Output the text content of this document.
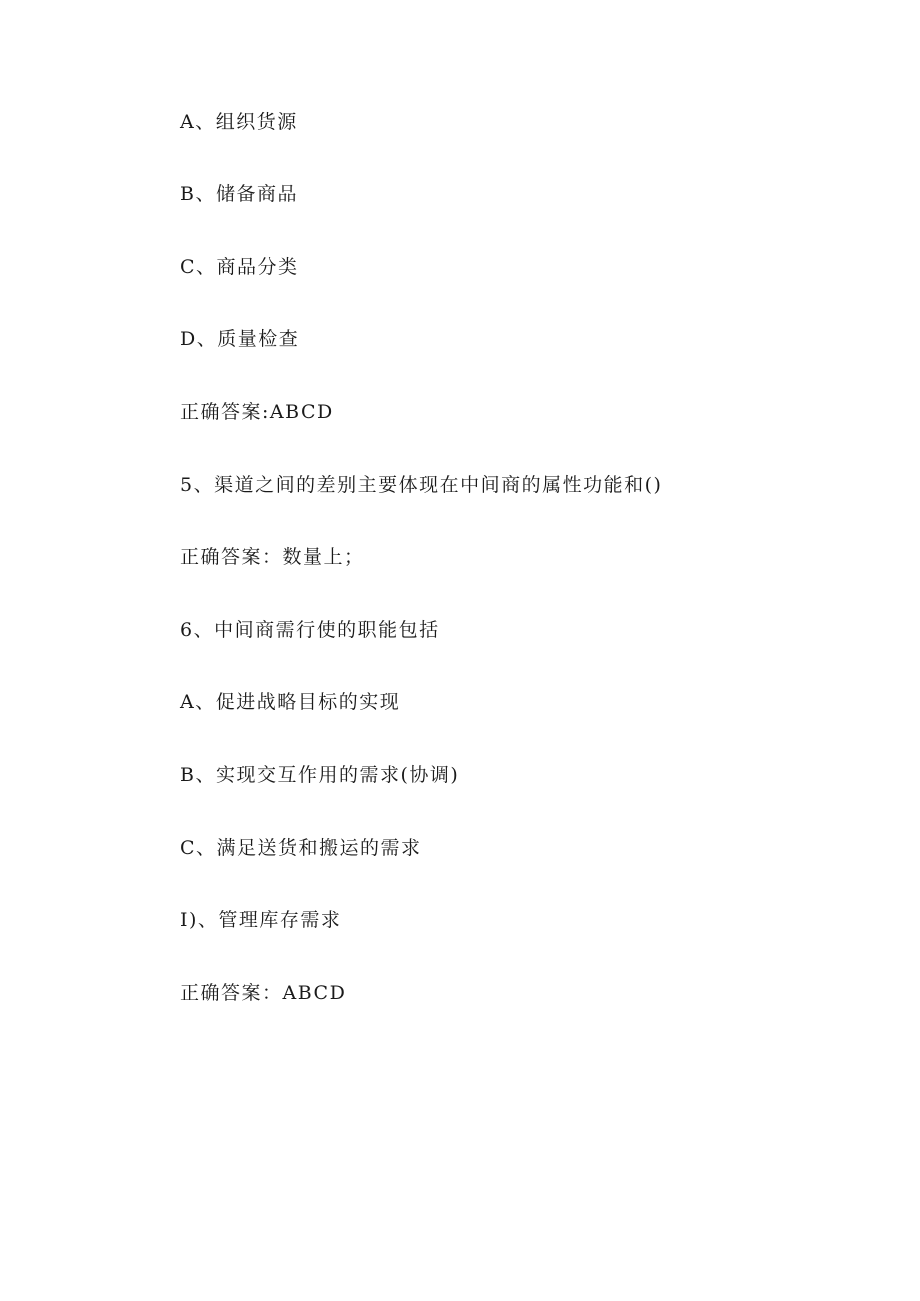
A、组织货源
B、储备商品
C、商品分类
D、质量检查
正确答案:ABCD
5、渠道之间的差别主要体现在中间商的属性功能和()
正确答案：数量上；
6、中间商需行使的职能包括
A、促进战略目标的实现
B、实现交互作用的需求(协调)
C、满足送货和搬运的需求
I)、管理库存需求
正确答案：ABCD
